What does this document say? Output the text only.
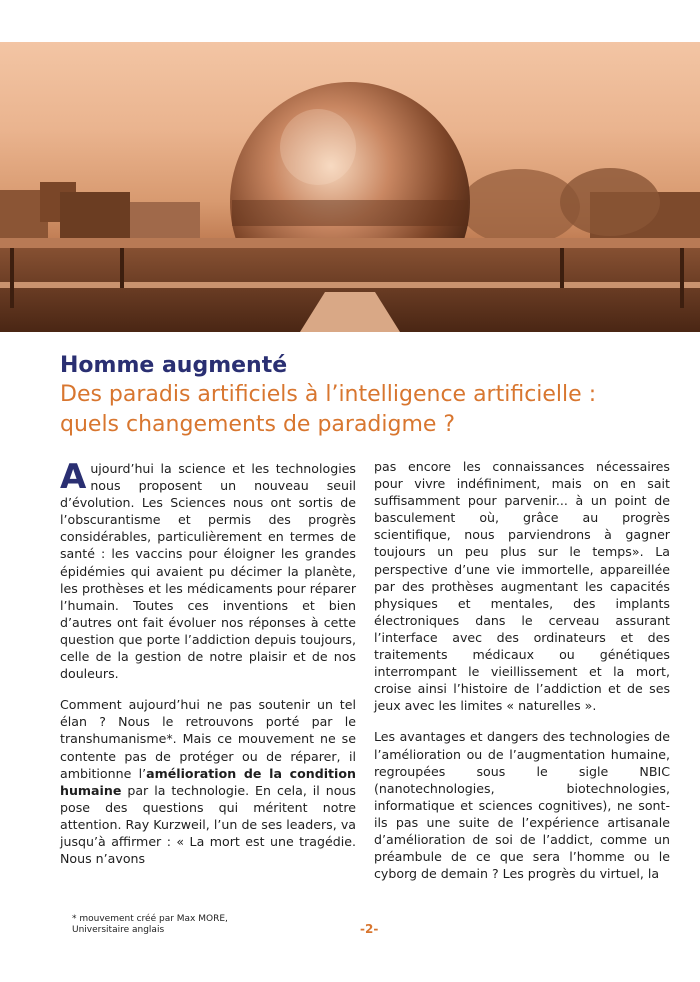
Homme augmenté
Des paradis artificiels à l’intelligence artificielle :
quels changements de paradigme ?

Aujourd’hui la science et les technologies nous proposent un nouveau seuil d’évolution. Les Sciences nous ont sortis de l’obscurantisme et permis des progrès considérables, particulièrement en termes de santé : les vaccins pour éloigner les grandes épidémies qui avaient pu décimer la planète, les prothèses et les médicaments pour réparer l’humain. Toutes ces inventions et bien d’autres ont fait évoluer nos réponses à cette question que porte l’addiction depuis toujours, celle de la gestion de notre plaisir et de nos douleurs.

Comment aujourd’hui ne pas soutenir un tel élan ? Nous le retrouvons porté par le transhumanisme*. Mais ce mouvement ne se contente pas de protéger ou de réparer, il ambitionne l’amélioration de la condition humaine par la technologie. En cela, il nous pose des questions qui méritent notre attention. Ray Kurzweil, l’un de ses leaders, va jusqu’à affirmer : « La mort est une tragédie. Nous n’avons

pas encore les connaissances nécessaires pour vivre indéfiniment, mais on en sait suffisamment pour parvenir... à un point de basculement où, grâce au progrès scientifique, nous parviendrons à gagner toujours un peu plus sur le temps». La perspective d’une vie immortelle, appareillée par des prothèses augmentant les capacités physiques et mentales, des implants électroniques dans le cerveau assurant l’interface avec des ordinateurs et des traitements médicaux ou génétiques interrompant le vieillissement et la mort, croise ainsi l’histoire de l’addiction et de ses jeux avec les limites « naturelles ».

Les avantages et dangers des technologies de l’amélioration ou de l’augmentation humaine, regroupées sous le sigle NBIC (nanotechnologies, biotechnologies, informatique et sciences cognitives), ne sont-ils pas une suite de l’expérience artisanale d’amélioration de soi de l’addict, comme un préambule de ce que sera l’homme ou le cyborg de demain ? Les progrès du virtuel, la

* mouvement créé par Max MORE,
Universitaire anglais	-2-
